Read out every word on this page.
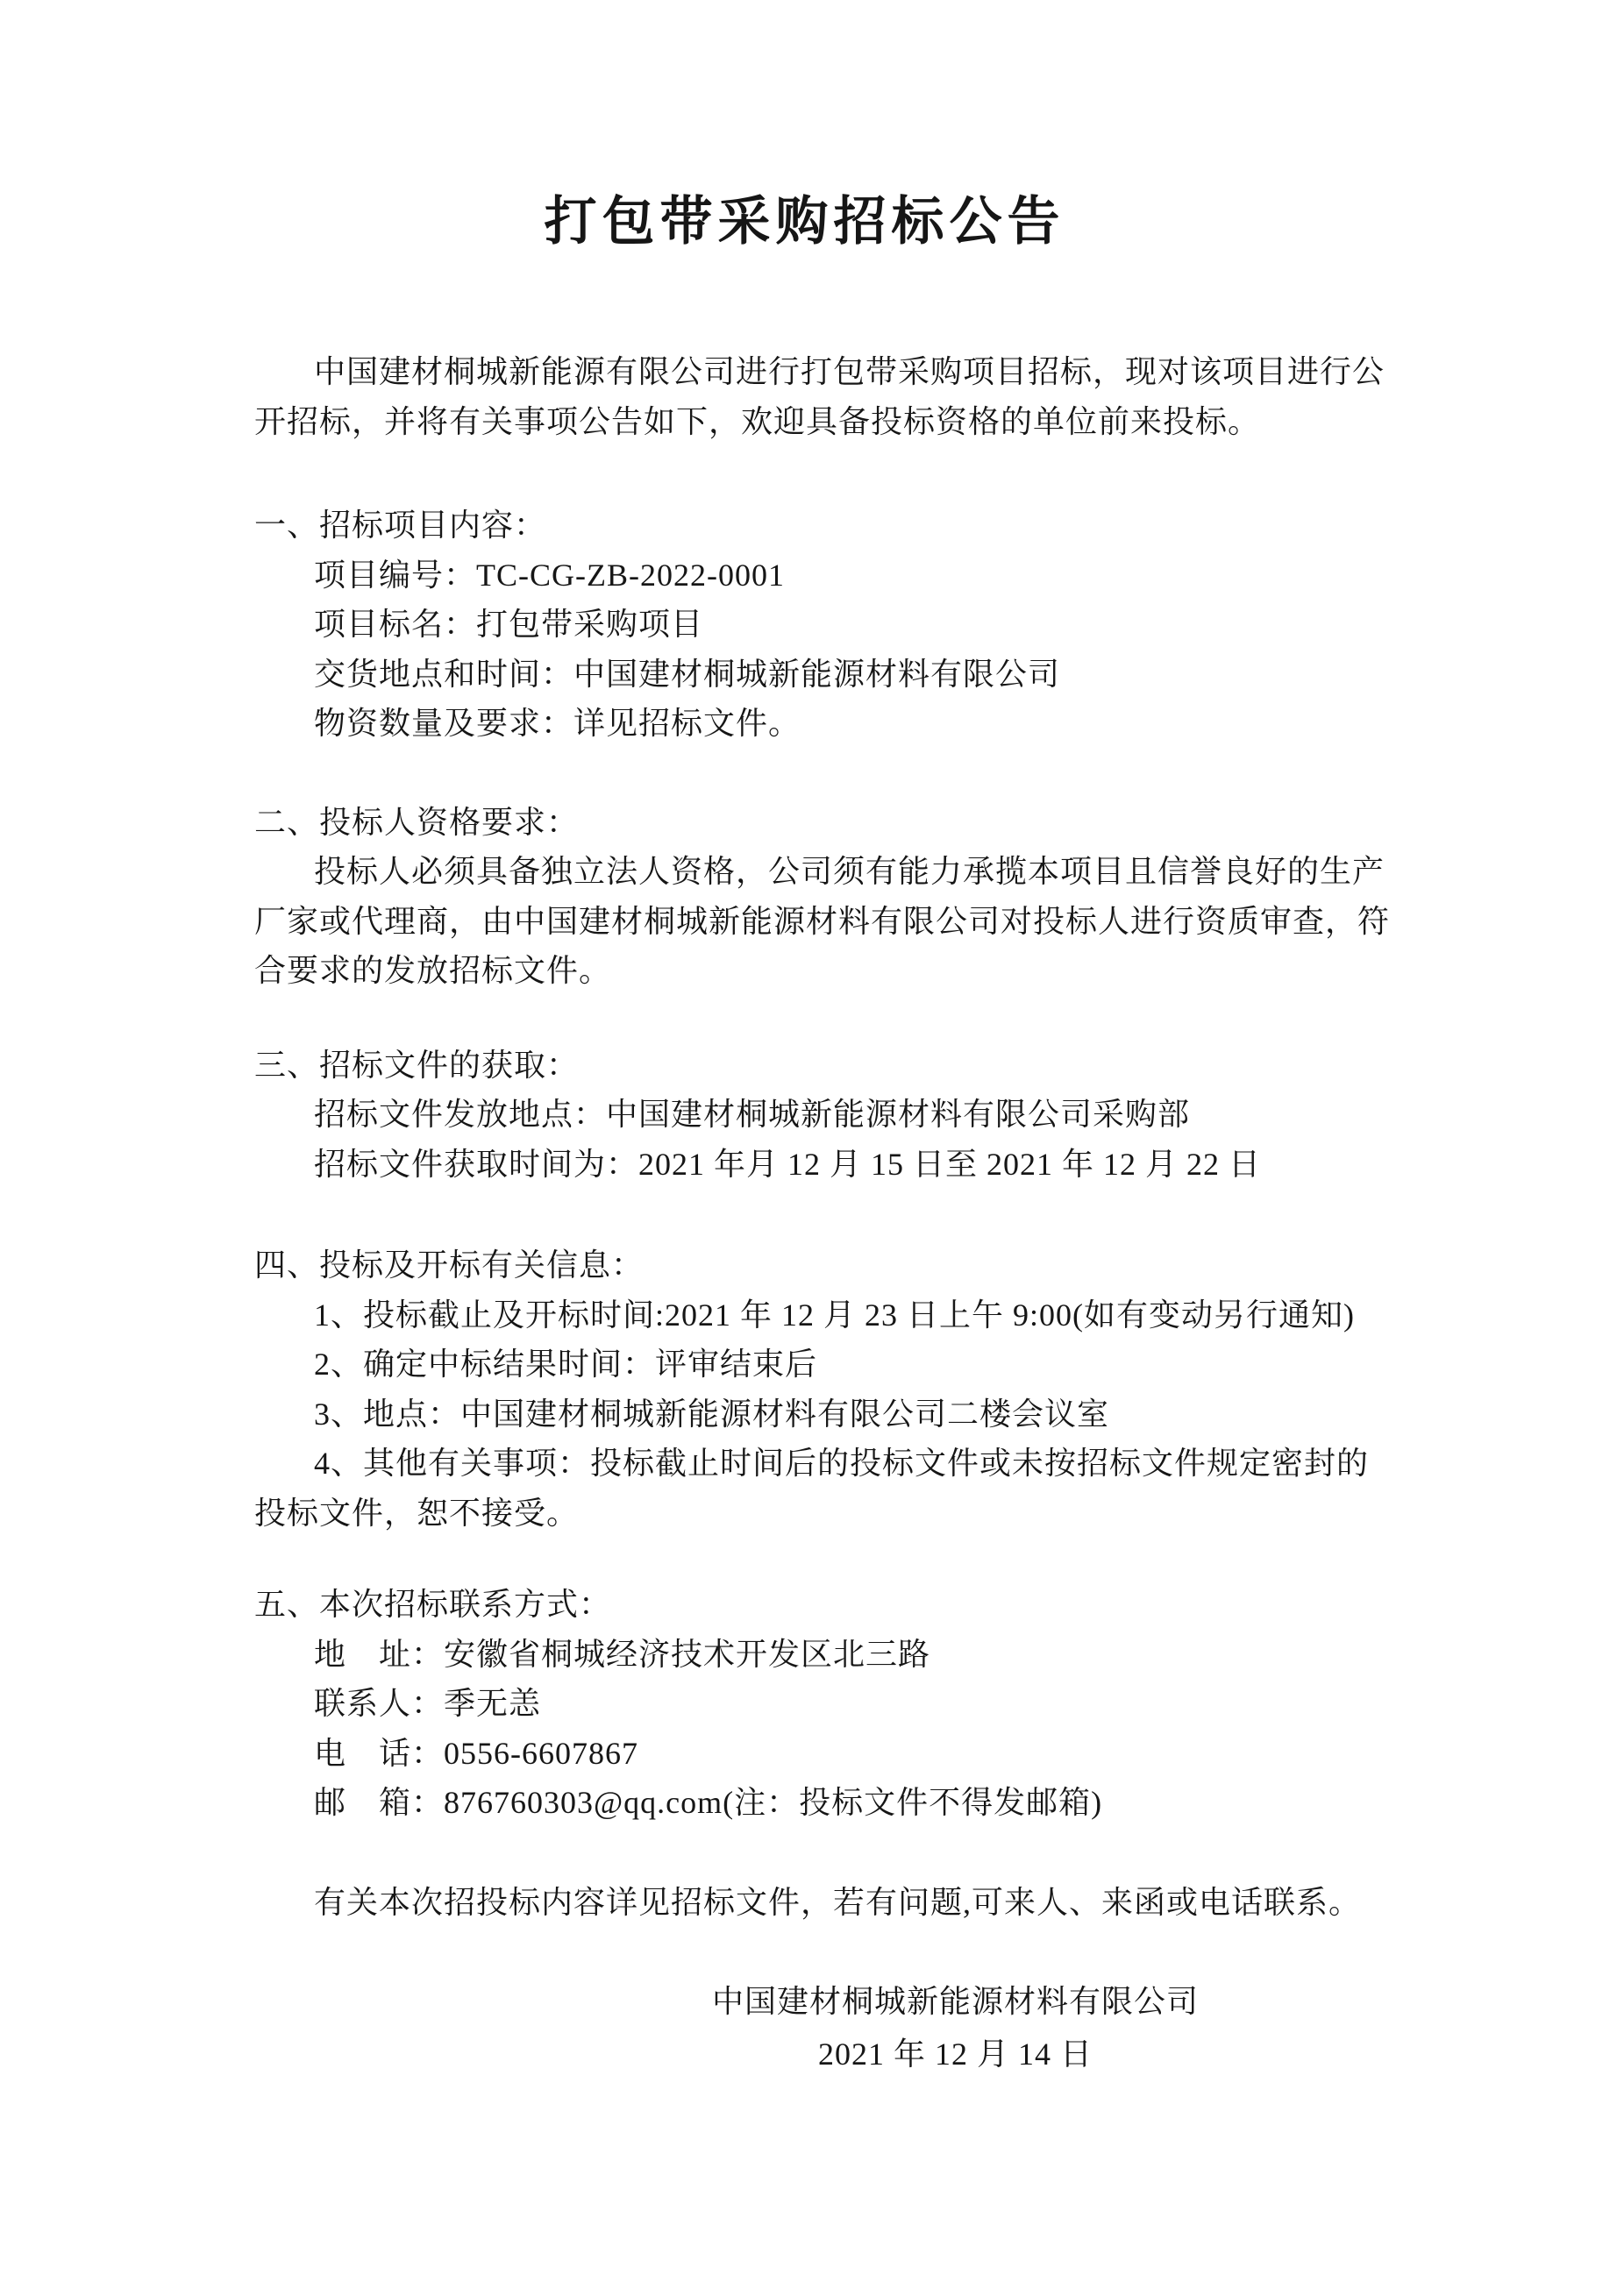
打包带采购招标公告
中国建材桐城新能源有限公司进行打包带采购项目招标，现对该项目进行公
开招标，并将有关事项公告如下，欢迎具备投标资格的单位前来投标。
一、招标项目内容：
项目编号：TC-CG-ZB-2022-0001
项目标名：打包带采购项目
交货地点和时间：中国建材桐城新能源材料有限公司
物资数量及要求：详见招标文件。
二、投标人资格要求：
投标人必须具备独立法人资格，公司须有能力承揽本项目且信誉良好的生产
厂家或代理商，由中国建材桐城新能源材料有限公司对投标人进行资质审查，符
合要求的发放招标文件。
三、招标文件的获取：
招标文件发放地点：中国建材桐城新能源材料有限公司采购部
招标文件获取时间为：2021 年月 12 月 15 日至 2021 年 12 月 22 日
四、投标及开标有关信息：
1、投标截止及开标时间:2021 年 12 月 23 日上午 9:00(如有变动另行通知)
2、确定中标结果时间：评审结束后
3、地点：中国建材桐城新能源材料有限公司二楼会议室
4、其他有关事项：投标截止时间后的投标文件或未按招标文件规定密封的
投标文件，恕不接受。
五、本次招标联系方式：
地　址：安徽省桐城经济技术开发区北三路
联系人：季无恙
电　话：0556-6607867
邮　箱：876760303@qq.com(注：投标文件不得发邮箱)
有关本次招投标内容详见招标文件，若有问题,可来人、来函或电话联系。
中国建材桐城新能源材料有限公司
2021 年 12 月 14 日
